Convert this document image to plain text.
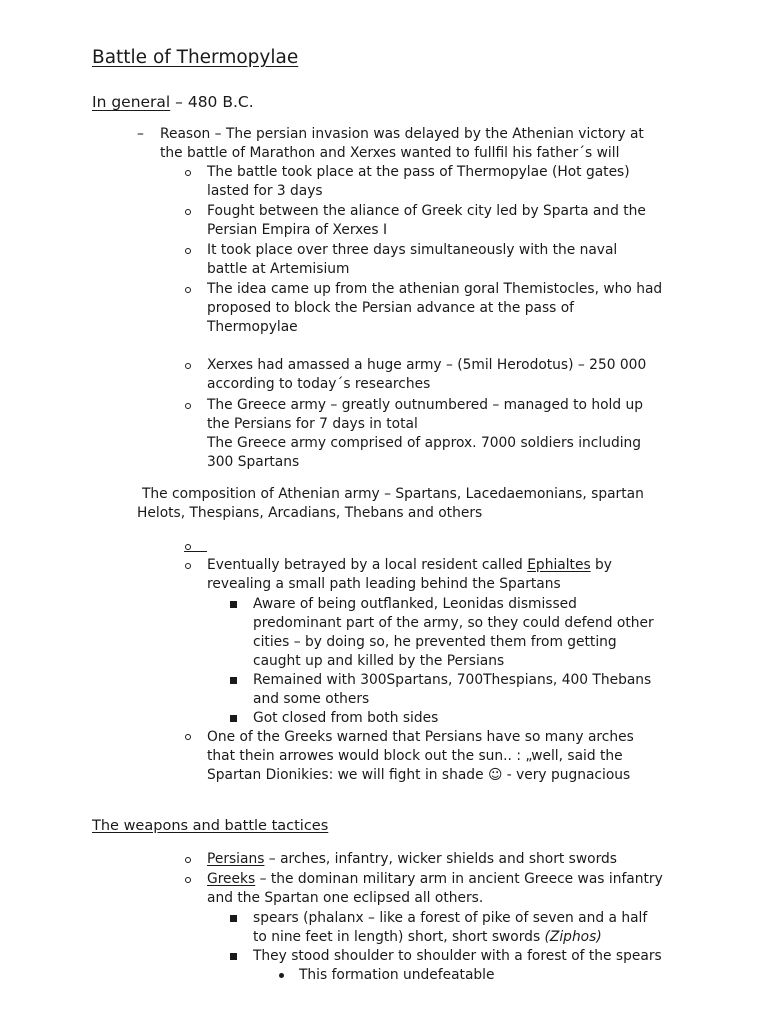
Battle of Thermopylae
In general – 480 B.C.
– Reason – The persian invasion was delayed by the Athenian victory at
the battle of Marathon and Xerxes wanted to fullfil his father´s will
The battle took place at the pass of Thermopylae (Hot gates)
lasted for 3 days
Fought between the aliance of Greek city led by Sparta and the
Persian Empira of Xerxes I
It took place over three days simultaneously with the naval
battle at Artemisium
The idea came up from the athenian goral Themistocles, who had
proposed to block the Persian advance at the pass of
Thermopylae
Xerxes had amassed a huge army – (5mil Herodotus) – 250 000
according to today´s researches
The Greece army – greatly outnumbered – managed to hold up
the Persians for 7 days in total
The Greece army comprised of approx. 7000 soldiers including
300 Spartans
The composition of Athenian army – Spartans, Lacedaemonians, spartan
Helots, Thespians, Arcadians, Thebans and others
Eventually betrayed by a local resident called Ephialtes by
revealing a small path leading behind the Spartans
Aware of being outflanked, Leonidas dismissed
predominant part of the army, so they could defend other
cities – by doing so, he prevented them from getting
caught up and killed by the Persians
Remained with 300Spartans, 700Thespians, 400 Thebans
and some others
Got closed from both sides
One of the Greeks warned that Persians have so many arches
that thein arrowes would block out the sun.. : „well, said the
Spartan Dionikies: we will fight in shade ☺ - very pugnacious
The weapons and battle tactices
Persians – arches, infantry, wicker shields and short swords
Greeks – the dominan military arm in ancient Greece was infantry
and the Spartan one eclipsed all others.
spears (phalanx – like a forest of pike of seven and a half
to nine feet in length) short, short swords (Ziphos)
They stood shoulder to shoulder with a forest of the spears
This formation undefeatable
